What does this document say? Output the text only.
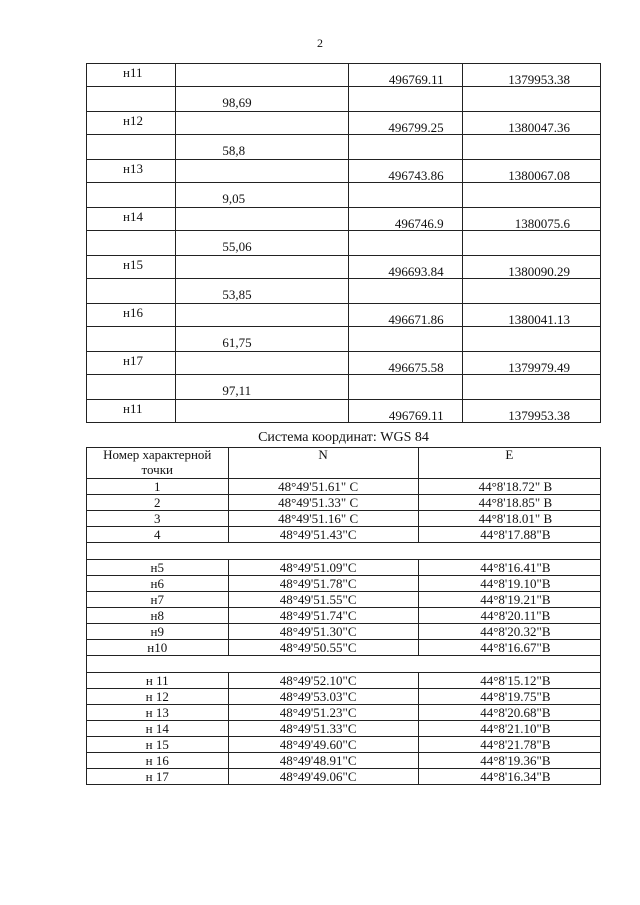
2
н11		496769.11	1379953.38
	98,69		
н12		496799.25	1380047.36
	58,8		
н13		496743.86	1380067.08
	9,05		
н14		496746.9	1380075.6
	55,06		
н15		496693.84	1380090.29
	53,85		
н16		496671.86	1380041.13
	61,75		
н17		496675.58	1379979.49
	97,11		
н11		496769.11	1379953.38
Система координат: WGS 84
Номер характерной точки	N	E
1	48°49'51.61" С	44°8'18.72" В
2	48°49'51.33" С	44°8'18.85" В
3	48°49'51.16" С	44°8'18.01" В
4	48°49'51.43"С	44°8'17.88"В

н5	48°49'51.09"С	44°8'16.41"В
н6	48°49'51.78"С	44°8'19.10"В
н7	48°49'51.55"С	44°8'19.21"В
н8	48°49'51.74"С	44°8'20.11"В
н9	48°49'51.30"С	44°8'20.32"В
н10	48°49'50.55"С	44°8'16.67"В

н 11	48°49'52.10"С	44°8'15.12"В
н 12	48°49'53.03"С	44°8'19.75"В
н 13	48°49'51.23"С	44°8'20.68"В
н 14	48°49'51.33"С	44°8'21.10"В
н 15	48°49'49.60"С	44°8'21.78"В
н 16	48°49'48.91"С	44°8'19.36"В
н 17	48°49'49.06"С	44°8'16.34"В
